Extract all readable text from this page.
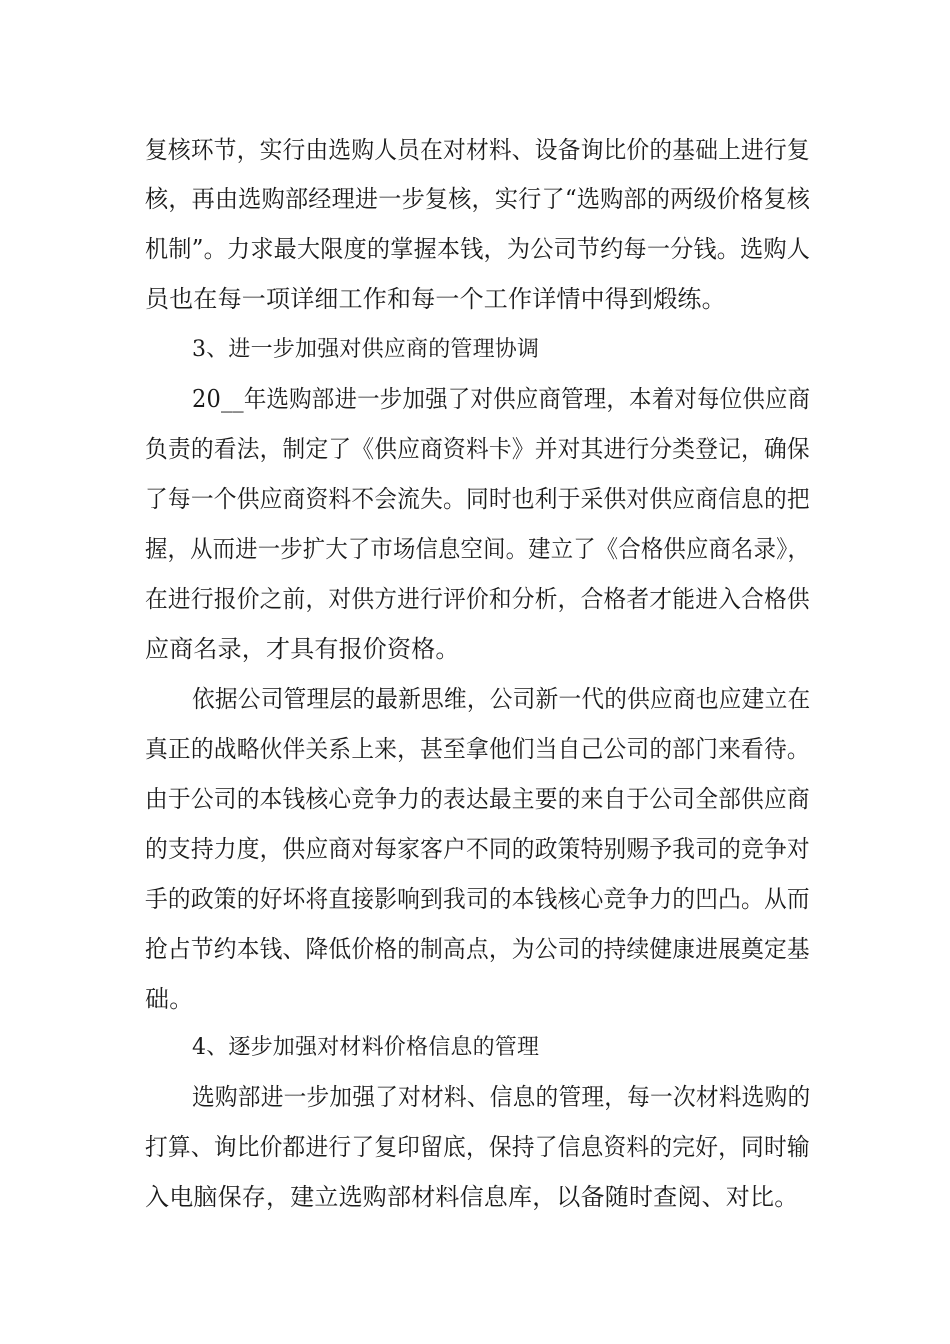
复核环节，实行由选购人员在对材料、设备询比价的基础上进行复
核，再由选购部经理进一步复核，实行了“选购部的两级价格复核
机制”。力求最大限度的掌握本钱，为公司节约每一分钱。选购人
员也在每一项详细工作和每一个工作详情中得到煅练。
3、进一步加强对供应商的管理协调
20__年选购部进一步加强了对供应商管理，本着对每位供应商
负责的看法，制定了《供应商资料卡》并对其进行分类登记，确保
了每一个供应商资料不会流失。同时也利于采供对供应商信息的把
握，从而进一步扩大了市场信息空间。建立了《合格供应商名录》，
在进行报价之前，对供方进行评价和分析，合格者才能进入合格供
应商名录，才具有报价资格。
依据公司管理层的最新思维，公司新一代的供应商也应建立在
真正的战略伙伴关系上来，甚至拿他们当自己公司的部门来看待。
由于公司的本钱核心竞争力的表达最主要的来自于公司全部供应商
的支持力度，供应商对每家客户不同的政策特别赐予我司的竞争对
手的政策的好坏将直接影响到我司的本钱核心竞争力的凹凸。从而
抢占节约本钱、降低价格的制高点，为公司的持续健康进展奠定基
础。
4、逐步加强对材料价格信息的管理
选购部进一步加强了对材料、信息的管理，每一次材料选购的
打算、询比价都进行了复印留底，保持了信息资料的完好，同时输
入电脑保存，建立选购部材料信息库，以备随时查阅、对比。
